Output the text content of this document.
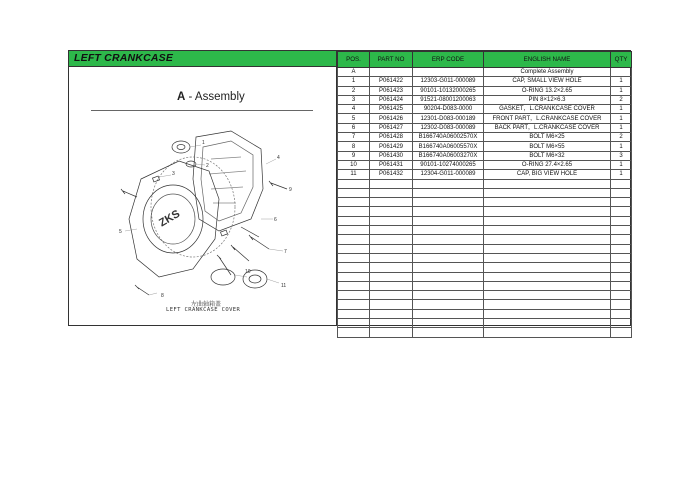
LEFT CRANKCASE
A - Assembly
ZKS
1
2
3
4
5
6
7
8
9
10
11
左曲轴箱盖
LEFT CRANKCASE COVER
POS.	PART NO	ERP CODE	ENGLISH NAME	QTY
A			Complete Assembly	
1	P061422	12303-G011-000089	CAP, SMALL VIEW HOLE	1
2	P061423	90101-10132000265	O-RING 13.2×2.65	1
3	P061424	91521-08001200063	PIN 8×12×6.3	2
4	P061425	90204-D083-0000	GASKET，L.CRANKCASE COVER	1
5	P061426	12301-D083-000189	FRONT PART，L.CRANKCASE COVER	1
6	P061427	12302-D083-000089	BACK PART，L.CRANKCASE COVER	1
7	P061428	B166740A06002570X	BOLT M6×25	2
8	P061429	B166740A06005570X	BOLT M6×55	1
9	P061430	B166740A06003270X	BOLT M6×32	3
10	P061431	90101-10274000265	O-RING 27.4×2.65	1
11	P061432	12304-G011-000089	CAP, BIG VIEW HOLE	1
